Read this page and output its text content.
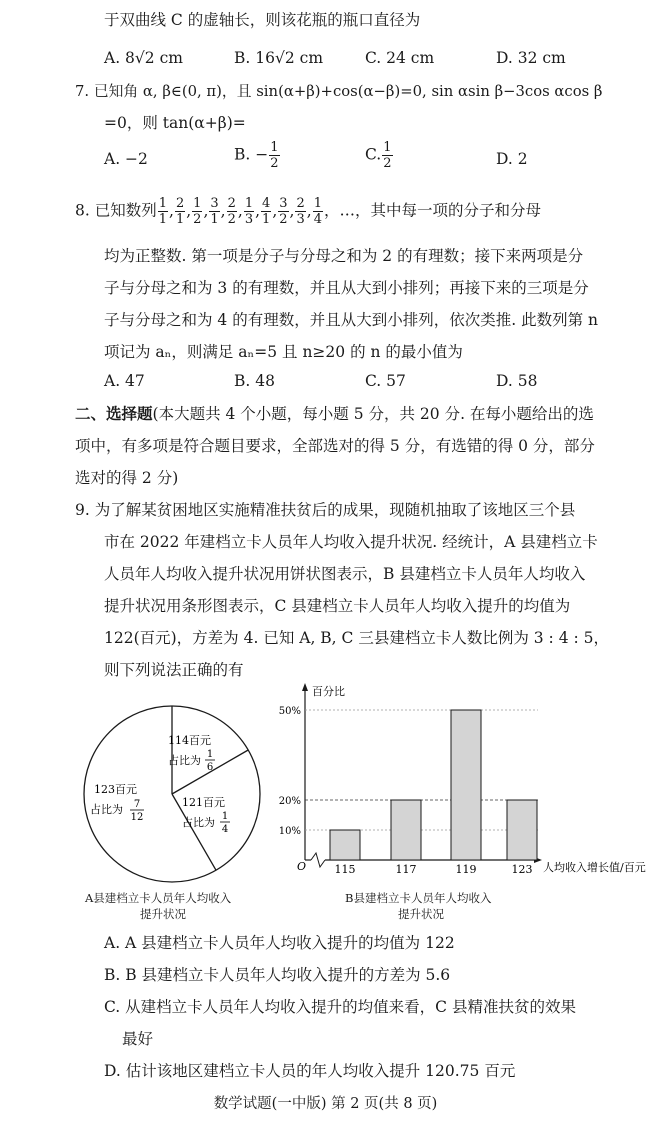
于双曲线 C 的虚轴长，则该花瓶的瓶口直径为
A. 8√2 cm	B. 16√2 cm	C. 24 cm	D. 32 cm
7. 已知角 α, β∈(0, π)，且 sin(α+β)+cos(α−β)=0, sin αsin β−3cos αcos β
=0，则 tan(α+β)=
A. −2	B. − $\frac{1}{2}$	C. $\frac{1}{2}$	D. 2
8. 已知数列 $\frac{1}{1}$ , $\frac{2}{1}$ , $\frac{1}{2}$ , $\frac{3}{1}$ , $\frac{2}{2}$ , $\frac{1}{3}$ , $\frac{4}{1}$ , $\frac{3}{2}$ , $\frac{2}{3}$ , $\frac{1}{4}$ ，…，其中每一项的分子和分母
均为正整数. 第一项是分子与分母之和为 2 的有理数；接下来两项是分
子与分母之和为 3 的有理数，并且从大到小排列；再接下来的三项是分
子与分母之和为 4 的有理数，并且从大到小排列，依次类推. 此数列第 n
项记为 aₙ，则满足 aₙ=5 且 n≥20 的 n 的最小值为
A. 47	B. 48	C. 57	D. 58
二、选择题(本大题共 4 个小题，每小题 5 分，共 20 分. 在每小题给出的选
项中，有多项是符合题目要求，全部选对的得 5 分，有选错的得 0 分，部分
选对的得 2 分)
9. 为了解某贫困地区实施精准扶贫后的成果，现随机抽取了该地区三个县
市在 2022 年建档立卡人员年人均收入提升状况. 经统计，A 县建档立卡
人员年人均收入提升状况用饼状图表示，B 县建档立卡人员年人均收入
提升状况用条形图表示，C 县建档立卡人员年人均收入提升的均值为
122(百元)，方差为 4. 已知 A, B, C 三县建档立卡人数比例为 3 : 4 : 5，
则下列说法正确的有
114百元
占比为 1
6
121百元
占比为 1
4
123百元
占比为 7
12
A县建档立卡人员年人均收入
提升状况
O
百分比
人均收入增长值/百元
10%
20%
50%
115	117	119	123
B县建档立卡人员年人均收入
提升状况
A. A 县建档立卡人员年人均收入提升的均值为 122
B. B 县建档立卡人员年人均收入提升的方差为 5.6
C. 从建档立卡人员年人均收入提升的均值来看，C 县精准扶贫的效果
最好
D. 估计该地区建档立卡人员的年人均收入提升 120.75 百元
数学试题(一中版) 第 2 页(共 8 页)
